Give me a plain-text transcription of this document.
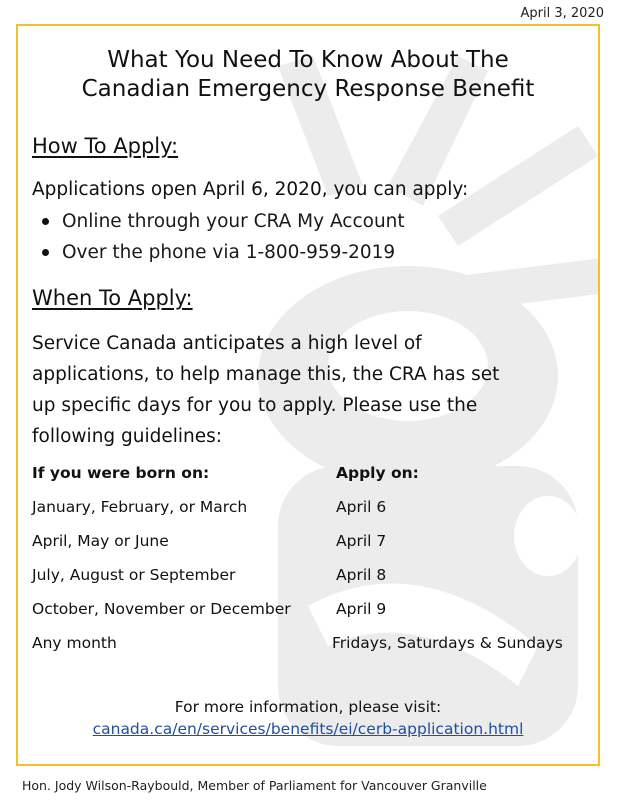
April 3, 2020
What You Need To Know About The
Canadian Emergency Response Benefit
How To Apply:

Applications open April 6, 2020, you can apply:

Online through your CRA My Account
Over the phone via 1-800-959-2019
When To Apply:

Service Canada anticipates a high level of
applications, to help manage this, the CRA has set
up specific days for you to apply. Please use the
following guidelines:

If you were born on:	Apply on:
January, February, or March	April 6
April, May or June	April 7
July, August or September	April 8
October, November or December	April 9
Any month	Fridays, Saturdays & Sundays
For more information, please visit:
canada.ca/en/services/benefits/ei/cerb-application.html
Hon. Jody Wilson-Raybould, Member of Parliament for Vancouver Granville
